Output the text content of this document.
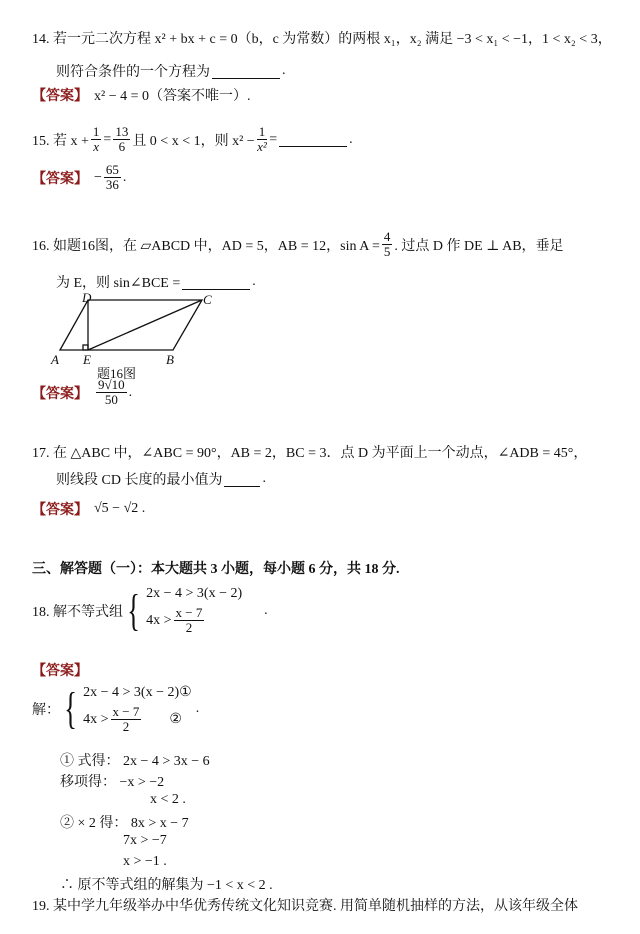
14. 若一元二次方程 x² + bx + c = 0（b，c 为常数）的两根 x₁，x₂ 满足 −3 < x₁ < −1，1 < x₂ < 3，
则符合条件的一个方程为	.
【答案】 x² − 4 = 0（答案不唯一）.
15. 若 $x + \frac{1}{x} = \frac{13}{6}$ 且 0 < x < 1，则 $x^2 - \frac{1}{\text{x²}}$ =	.
【答案】 − $\frac{65}{36}$ .
16. 如题16图，在 ▱ABCD 中，AD = 5，AB = 12，$\sin A = \frac{4}{5}$ . 过点 D 作 DE ⊥ AB，垂足
为 E，则 sin∠BCE =	.
A E	B
D	C
题16图
【答案】 $\frac{9√10}{50}$ .
17. 在 △ABC 中，∠ABC = 90°，AB = 2，BC = 3．点 D 为平面上一个动点，∠ADB = 45°，
则线段 CD 长度的最小值为	.
【答案】 √5 − √2 .
三、解答题（一）：本大题共 3 小题，每小题 6 分，共 18 分.
18. 解不等式组 { 2x − 4 > 3(x − 2)
$4x > \frac{x - 7}{2}$	.
【答案】
解： { 2x − 4 > 3(x − 2) ①
$4x > \frac{x - 7}{2}$ ②
.
① 式得： 2x − 4 > 3x − 6
移项得： −x > −2
x < 2 .
② × 2 得： 8x > x − 7
7x > −7
x > −1 .
∴ 原不等式组的解集为 −1 < x < 2 .
19. 某中学九年级举办中华优秀传统文化知识竞赛. 用简单随机抽样的方法，从该年级全体
